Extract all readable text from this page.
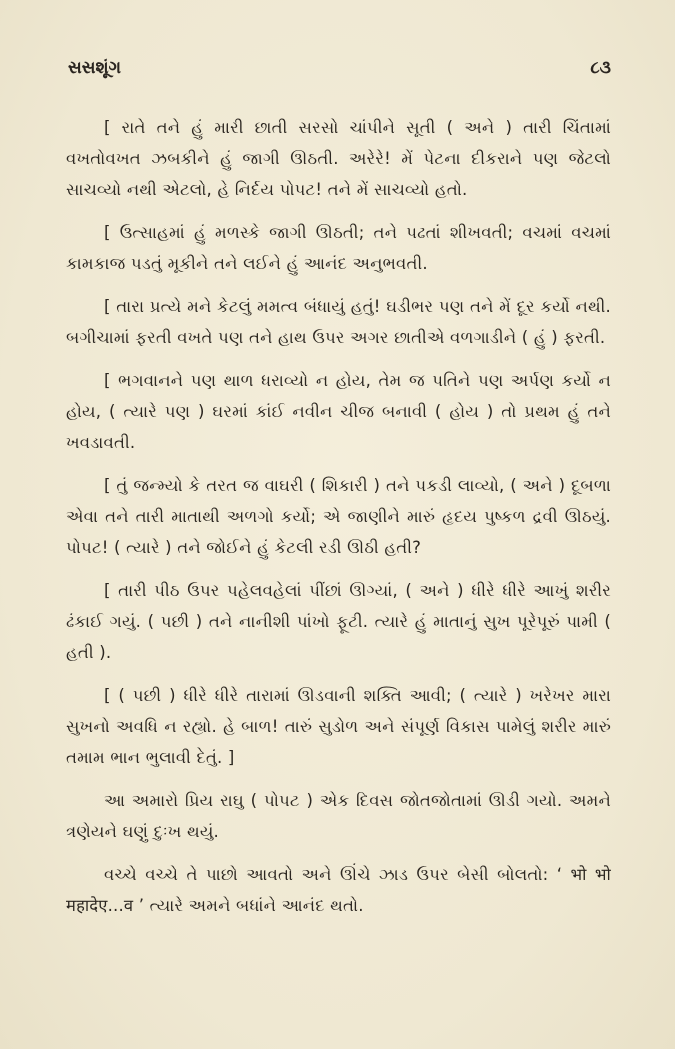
સસશૂંગ	૮૩

[ રાતે તને હું મારી છાતી સરસો ચાંપીને સૂતી ( અને ) તારી ચિંતામાં વખતોવખત ઝબકીને હું જાગી ઊઠતી. અરેરે! મેં પેટના દીકરાને પણ જેટલો સાચવ્યો નથી એટલો, હે નિર્દય પોપટ! તને મેં સાચવ્યો હતો.

[ ઉત્સાહમાં હું મળસ્કે જાગી ઊઠતી; તને પઢતાં શીખવતી; વચમાં વચમાં કામકાજ પડતું મૂકીને તને લઈને હું આનંદ અનુભવતી.

[ તારા પ્રત્યે મને કેટલું મમત્વ બંધાયું હતું! ઘડીભર પણ તને મેં દૂર કર્યો નથી. બગીચામાં ફરતી વખતે પણ તને હાથ ઉપર અગર છાતીએ વળગાડીને ( હું ) ફરતી.

[ ભગવાનને પણ થાળ ધરાવ્યો ન હોય, તેમ જ પતિને પણ અર્પણ કર્યો ન હોય, ( ત્યારે પણ ) ઘરમાં કાંઈ નવીન ચીજ બનાવી ( હોય ) તો પ્રથમ હું તને ખવડાવતી.

[ તું જન્મ્યો કે તરત જ વાઘરી ( શિકારી ) તને પકડી લાવ્યો, ( અને ) દૂબળા એવા તને તારી માતાથી અળગો કર્યો; એ જાણીને મારું હૃદય પુષ્કળ દ્રવી ઊઠયું. પોપટ! ( ત્યારે ) તને જોઈને હું કેટલી રડી ઊઠી હતી?

[ તારી પીઠ ઉપર પહેલવહેલાં પીંછાં ઊગ્યાં, ( અને ) ધીરે ધીરે આખું શરીર ઢંકાઈ ગયું. ( પછી ) તને નાનીશી પાંખો ફૂટી. ત્યારે હું માતાનું સુખ પૂરેપૂરું પામી ( હતી ).

[ ( પછી ) ધીરે ધીરે તારામાં ઊડવાની શક્તિ આવી; ( ત્યારે ) ખરેખર મારા સુખનો અવધિ ન રહ્યો. હે બાળ! તારું સુડોળ અને સંપૂર્ણ વિકાસ પામેલું શરીર મારું તમામ ભાન ભુલાવી દેતું. ]

આ અમારો પ્રિય રાઘુ ( પોપટ ) એક દિવસ જોતજોતામાં ઊડી ગયો. અમને ત્રણેયને ઘણું દુઃખ થયું.

વચ્ચે વચ્ચે તે પાછો આવતો અને ઊંચે ઝાડ ઉપર બેસી બોલતો: ‘ भो भो महादेए...व ’ ત્યારે અમને બધાંને આનંદ થતો.
